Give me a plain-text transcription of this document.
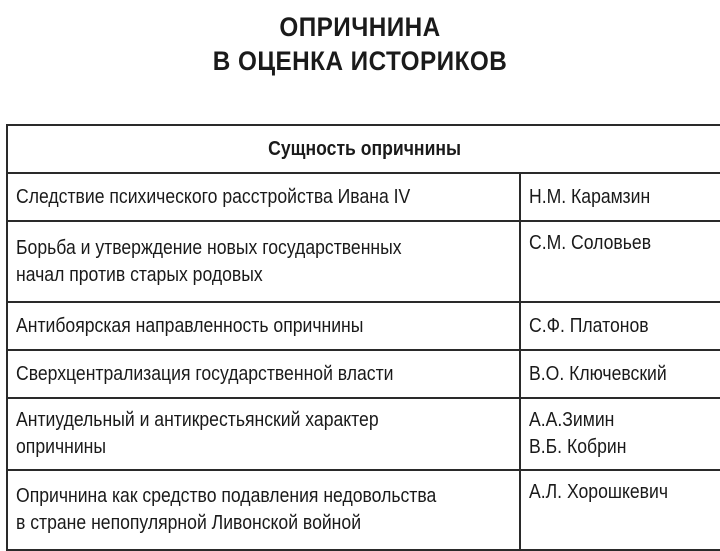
ОПРИЧНИНА
В ОЦЕНКА ИСТОРИКОВ
Сущность опричнины	

Следствие психического расстройства Ивана IV	Н.М. Карамзин

Борьба и утверждение новых государственных
начал против старых родовых	С.М. Соловьев

Антибоярская направленность опричнины	С.Ф. Платонов

Сверхцентрализация государственной власти	В.О. Ключевский

Антиудельный и антикрестьянский характер
опричнины	А.А.Зимин
В.Б. Кобрин

Опричнина как средство подавления недовольства
в стране непопулярной Ливонской войной	А.Л. Хорошкевич
